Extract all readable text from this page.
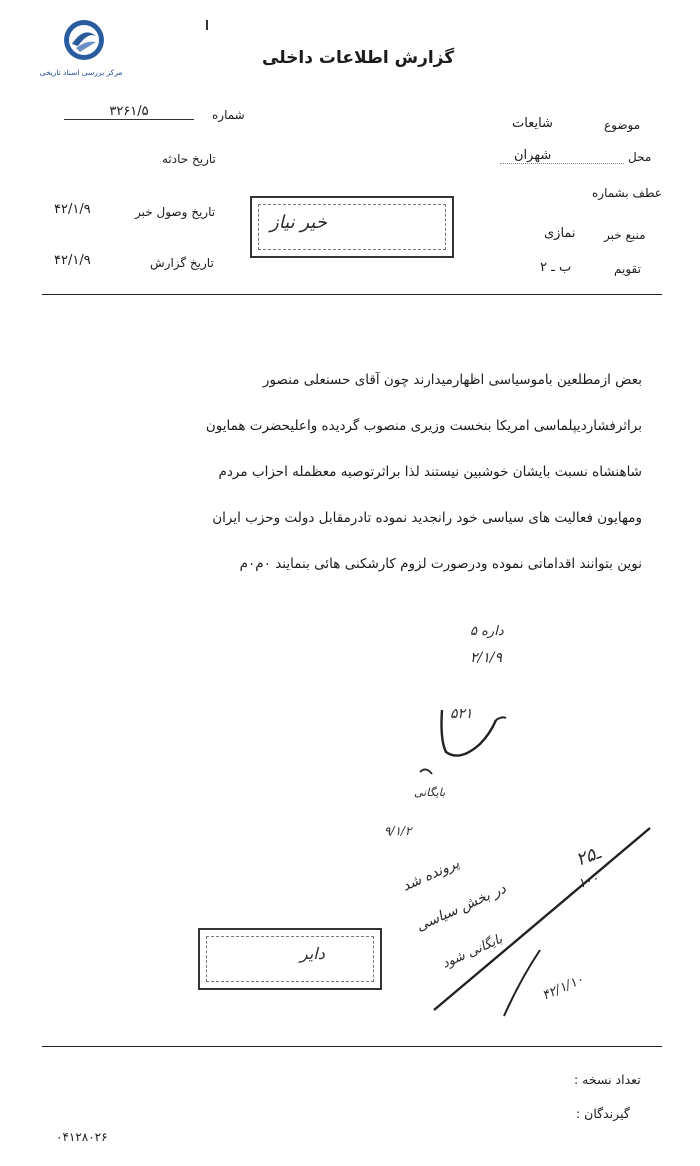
مرکز بررسی اسناد تاریخی
گزارش اطلاعات داخلی
شماره
۳۲۶۱/۵
تاریخ حادثه
تاریخ وصول خبر
۴۲/۱/۹
تاریخ گزارش
۴۲/۱/۹
خیر نیاز
موضوع
شایعات
محل
شهران
عطف بشماره
منبع خبر
نمازی
تقویم
ب ـ ۲
بعض ازمطلعین باموسیاسی اظهارمیدارند چون آقای حسنعلی منصور
براثرفشاردیپلماسی امریکا بنخست وزیری منصوب گردیده واعلیحضرت همایون
شاهنشاه نسبت بایشان خوشبین نیستند لذا براثرتوصیه معظمله احزاب مردم
ومهایون فعالیت های سیاسی خود رانجدید نموده تادرمقابل دولت وحزب ایران
نوین بتوانند اقداماتی نموده ودرصورت لزوم کارشکنی هائی بنمایند ۰م۰م
داره ۵
۲/۱/۹
۵۲۱
بایگانی
۹/۱/۲
پرونده شد
در بخش سیاسی
بایگانی شود
۴۲/۱/۱۰
۲ـ۵
۱۰۰
دایر
تعداد نسخه :
گیرندگان :
۰۴۱۲۸۰۲۶
